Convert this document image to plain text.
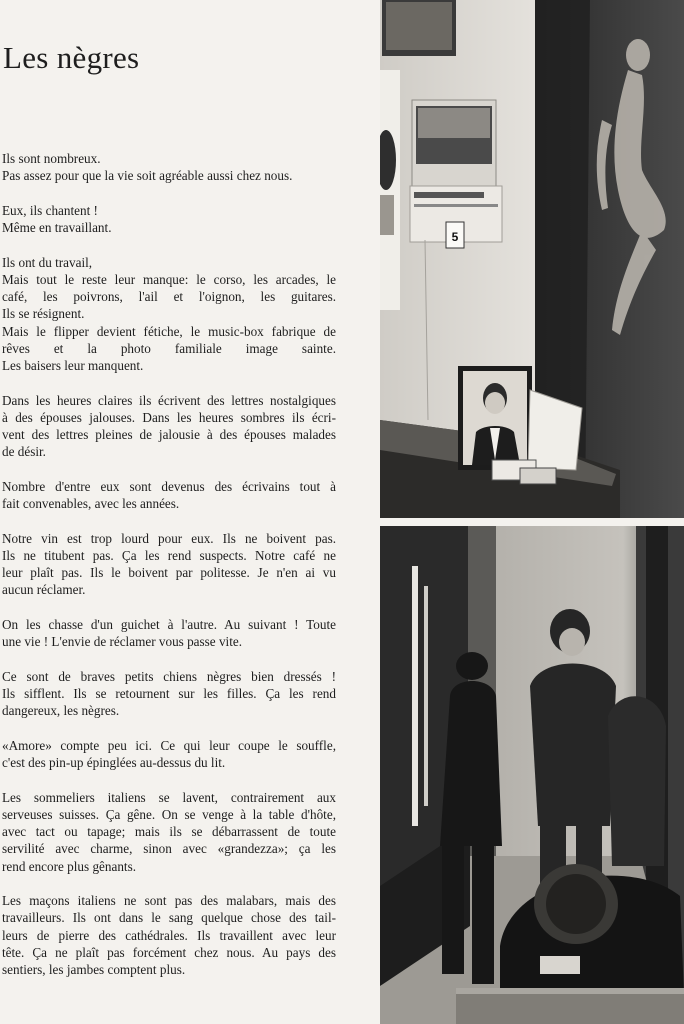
Les nègres
Ils sont nombreux.
Pas assez pour que la vie soit agréable aussi chez nous.
Eux, ils chantent !
Même en travaillant.
Ils ont du travail,
Mais tout le reste leur manque: le corso, les arcades, le
café, les poivrons, l'ail et l'oignon, les guitares.
Ils se résignent.
Mais le flipper devient fétiche, le music-box fabrique de
rêves et la photo familiale image sainte.
Les baisers leur manquent.
Dans les heures claires ils écrivent des lettres nostalgiques
à des épouses jalouses. Dans les heures sombres ils écri-
vent des lettres pleines de jalousie à des épouses malades
de désir.
Nombre d'entre eux sont devenus des écrivains tout à
fait convenables, avec les années.
Notre vin est trop lourd pour eux. Ils ne boivent pas.
Ils ne titubent pas. Ça les rend suspects. Notre café ne
leur plaît pas. Ils le boivent par politesse. Je n'en ai vu
aucun réclamer.
On les chasse d'un guichet à l'autre. Au suivant ! Toute
une vie ! L'envie de réclamer vous passe vite.
Ce sont de braves petits chiens nègres bien dressés !
Ils sifflent. Ils se retournent sur les filles. Ça les rend
dangereux, les nègres.
«Amore» compte peu ici. Ce qui leur coupe le souffle,
c'est des pin-up épinglées au-dessus du lit.
Les sommeliers italiens se lavent, contrairement aux
serveuses suisses. Ça gêne. On se venge à la table d'hôte,
avec tact ou tapage; mais ils se débarrassent de toute
servilité avec charme, sinon avec «grandezza»; ça les
rend encore plus gênants.
Les maçons italiens ne sont pas des malabars, mais des
travailleurs. Ils ont dans le sang quelque chose des tail-
leurs de pierre des cathédrales. Ils travaillent avec leur
tête. Ça ne plaît pas forcément chez nous. Au pays des
sentiers, les jambes comptent plus.
5
